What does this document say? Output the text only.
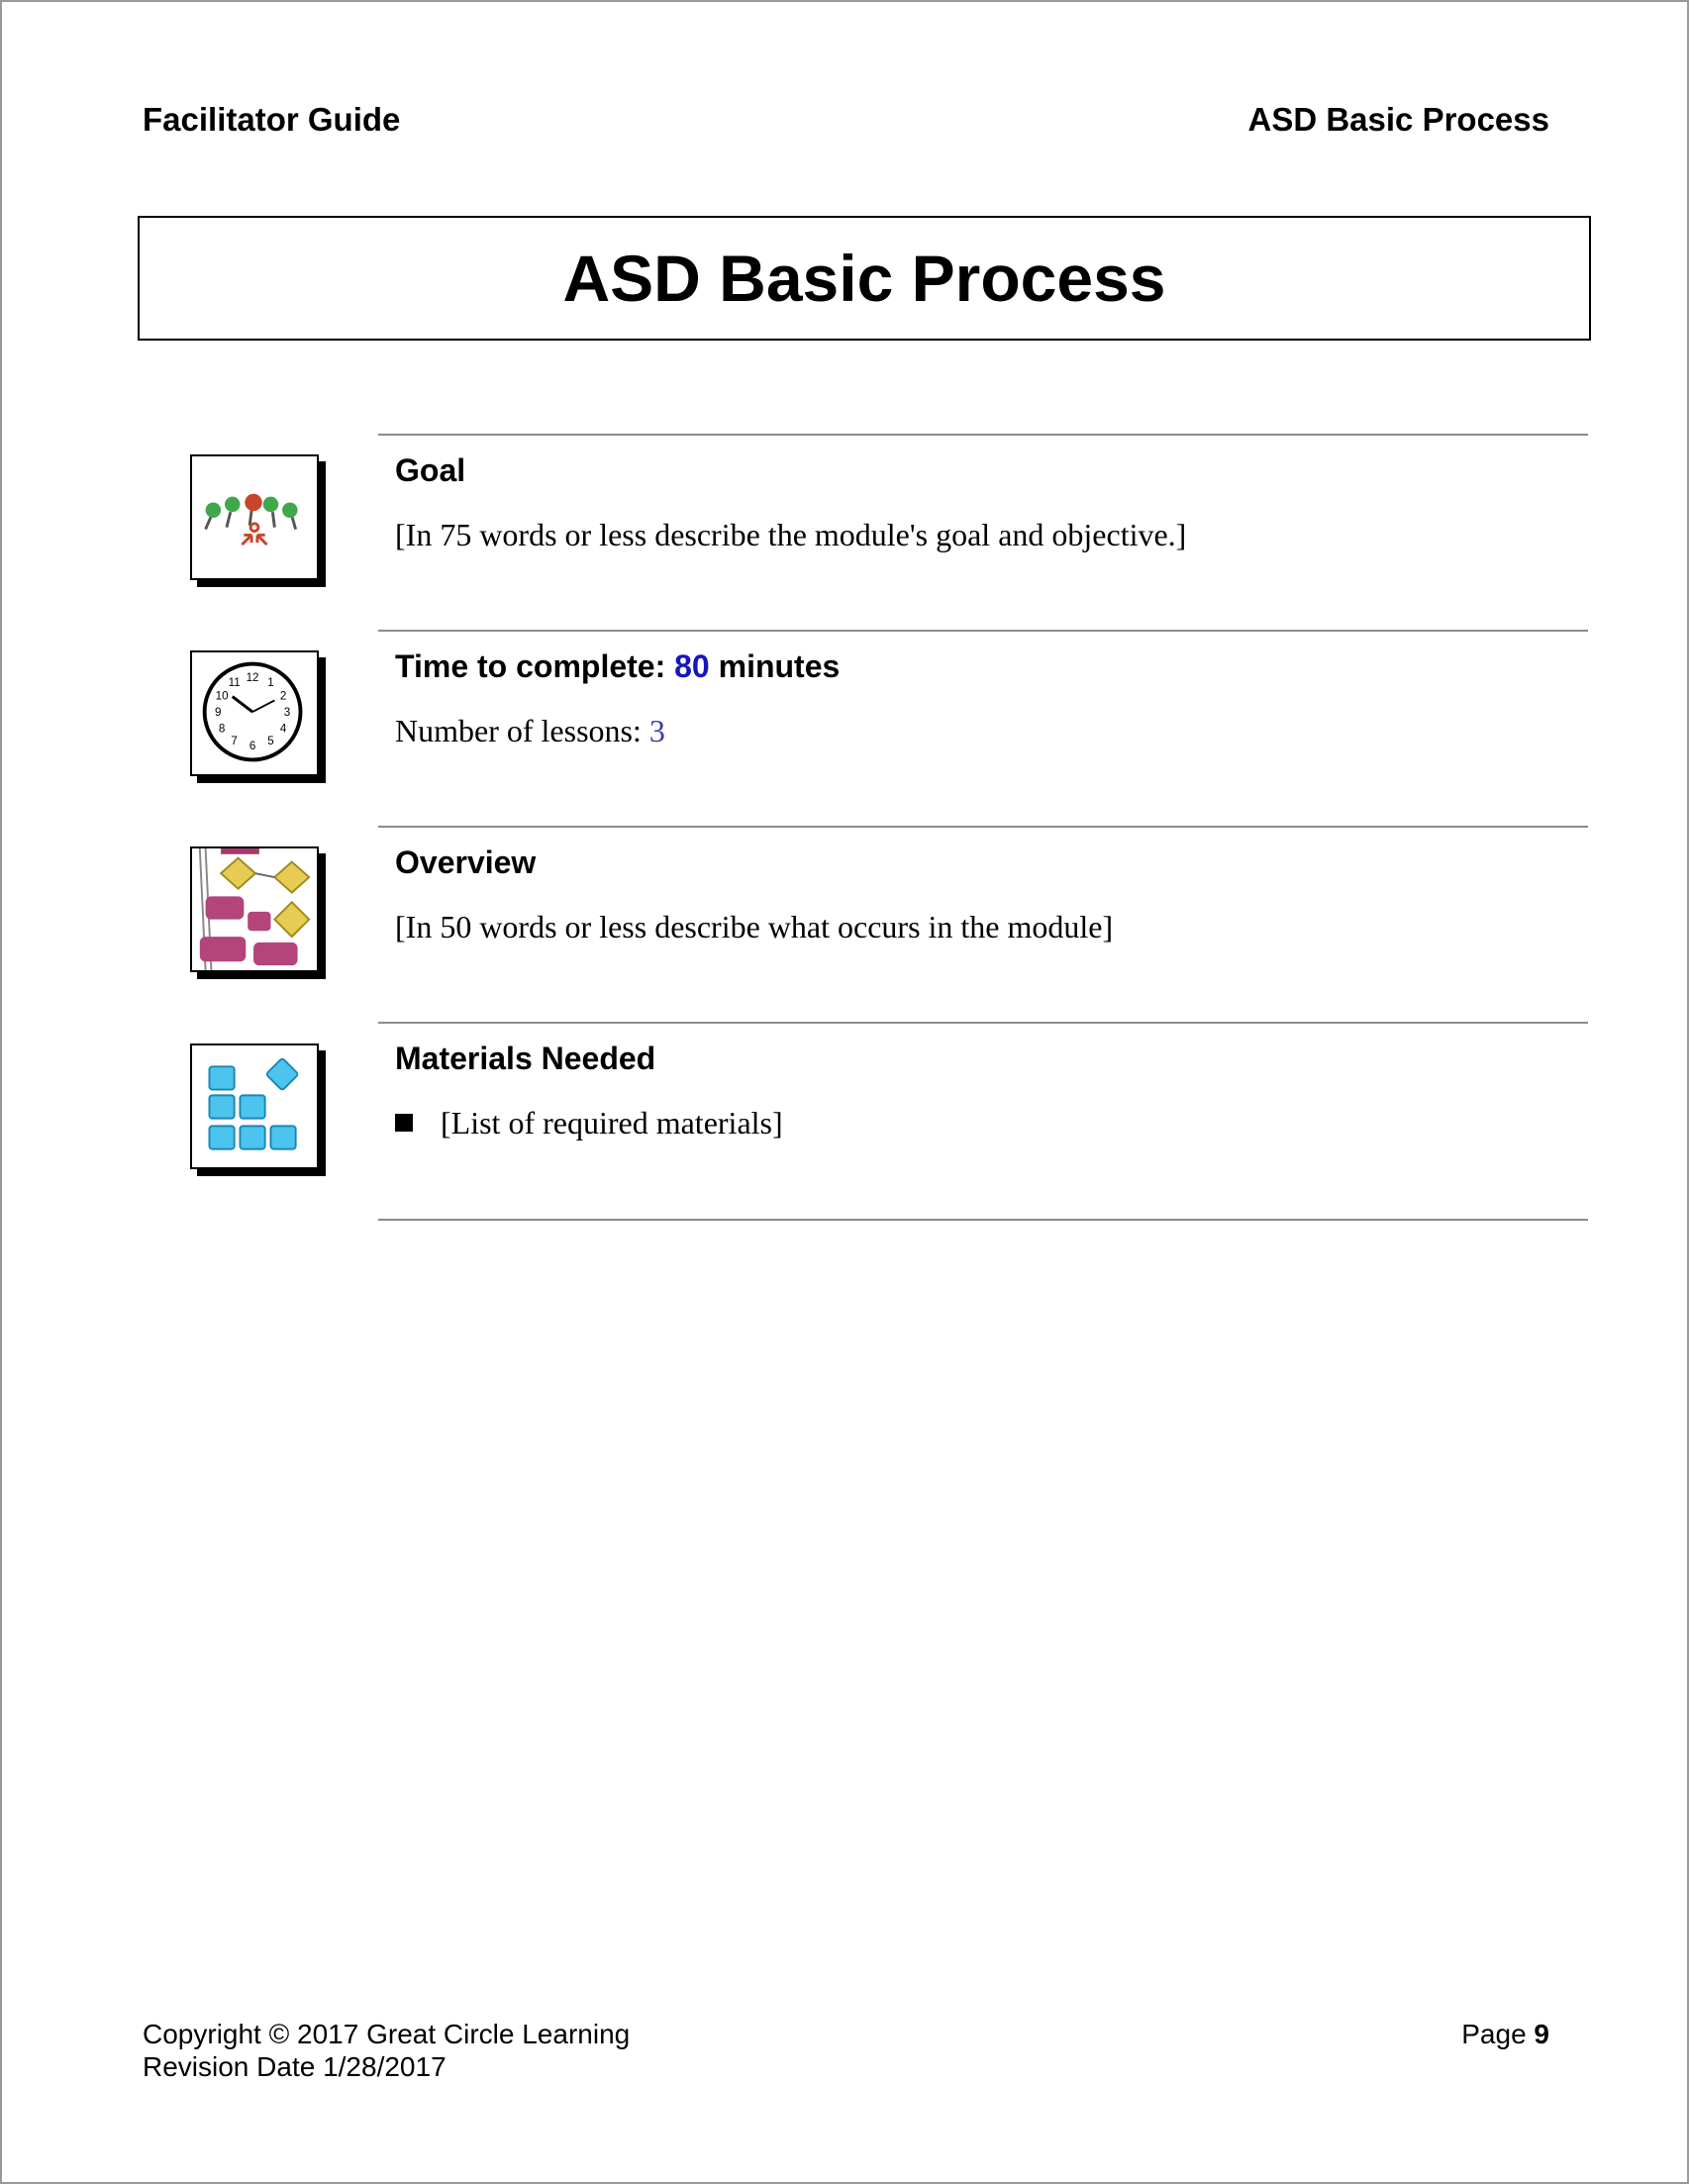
Facilitator Guide	ASD Basic Process
ASD Basic Process
Goal
[In 75 words or less describe the module's goal and objective.]
12 1
2
3
4
5
6
7
8
9
10
11	Time to complete: 80 minutes
Number of lessons: 3
Overview
[In 50 words or less describe what occurs in the module]
Materials Needed
[List of required materials]
Copyright © 2017 Great Circle Learning
Revision Date 1/28/2017
Page 9
